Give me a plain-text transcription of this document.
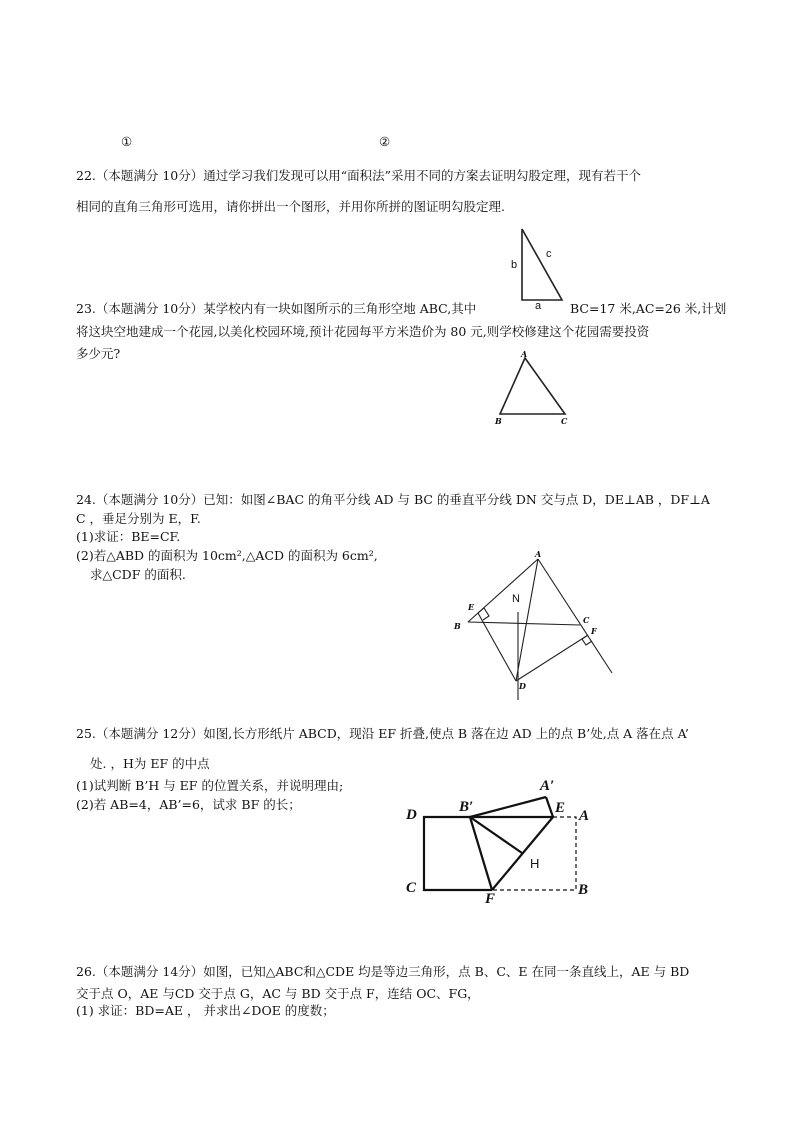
①	②
22.（本题满分 10分）通过学习我们发现可以用“面积法”采用不同的方案去证明勾股定理，现有若干个
相同的直角三角形可选用，请你拼出一个图形，并用你所拼的图证明勾股定理.
b
c
a
23.（本题满分 10分）某学校内有一块如图所示的三角形空地 ABC,其中	BC=17 米,AC=26 米,计划
将这块空地建成一个花园,以美化校园环境,预计花园每平方米造价为 80 元,则学校修建这个花园需要投资
多少元?	A
B	C
24.（本题满分 10分）已知：如图∠BAC 的角平分线 AD 与 BC 的垂直平分线 DN 交与点 D，DE⊥AB ，DF⊥A
C ，垂足分别为 E，F.
(1)求证：BE=CF.
(2)若△ABD 的面积为 10cm²,△ACD 的面积为 6cm²,
求△CDF 的面积.
A
E
N
B
C
F
D
25.（本题满分 12分）如图,长方形纸片 ABCD，现沿 EF 折叠,使点 B 落在边 AD 上的点 B’处,点 A 落在点 A’
处. ，H为 EF 的中点
(1)试判断 B’H 与 EF 的位置关系，并说明理由;
(2)若 AB=4，AB’=6，试求 BF 的长；
D	B′
A′
E A
H
C
F
B
26.（本题满分 14分）如图，已知△ABC和△CDE 均是等边三角形，点 B、C、E 在同一条直线上，AE 与 BD
交于点 O，AE 与CD 交于点 G，AC 与 BD 交于点 F，连结 OC、FG，
(1) 求证：BD=AE ， 并求出∠DOE 的度数；
